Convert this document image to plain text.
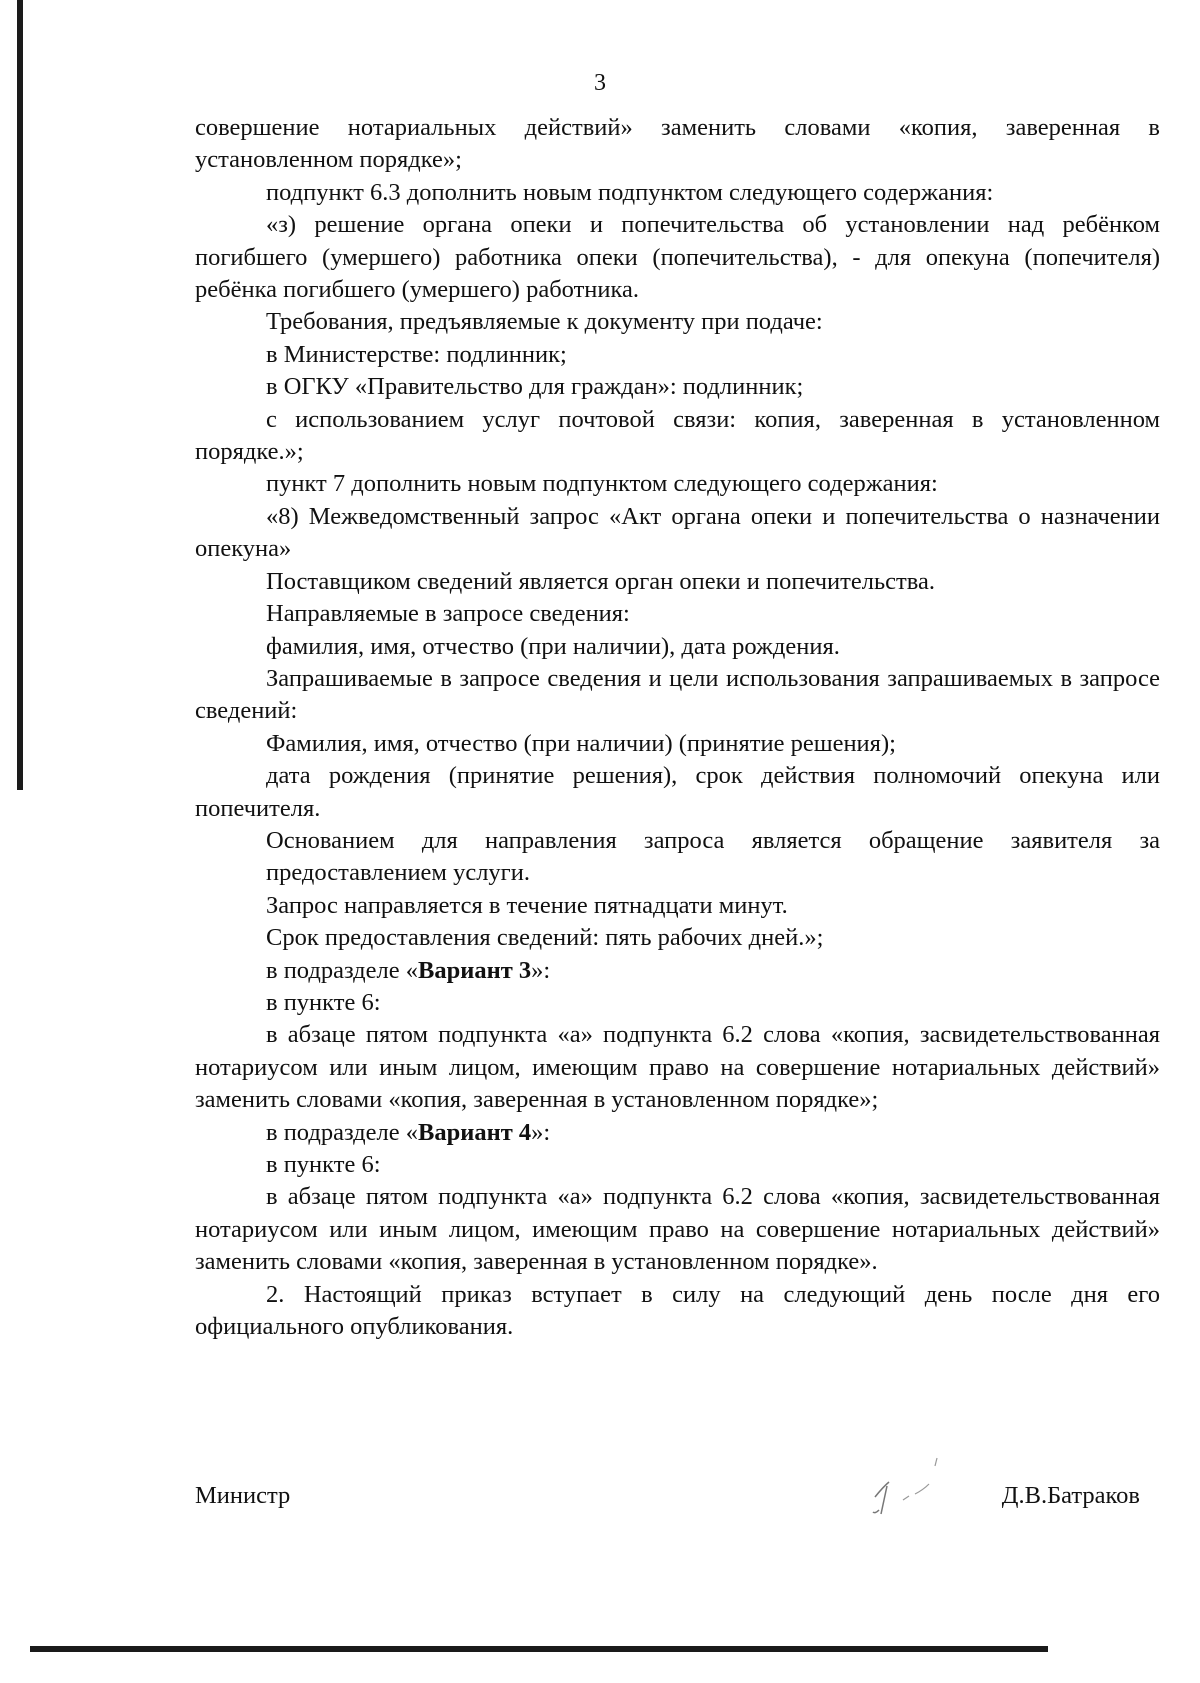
3

совершение нотариальных действий» заменить словами «копия, заверенная в установленном порядке»;

подпункт 6.3 дополнить новым подпунктом следующего содержания:

«з) решение органа опеки и попечительства об установлении над ребёнком погибшего (умершего) работника опеки (попечительства), - для опекуна (попечителя) ребёнка погибшего (умершего) работника.

Требования, предъявляемые к документу при подаче:

в Министерстве: подлинник;

в ОГКУ «Правительство для граждан»: подлинник;

с использованием услуг почтовой связи: копия, заверенная в установленном порядке.»;

пункт 7 дополнить новым подпунктом следующего содержания:

«8) Межведомственный запрос «Акт органа опеки и попечительства о назначении опекуна»

Поставщиком сведений является орган опеки и попечительства.

Направляемые в запросе сведения:

фамилия, имя, отчество (при наличии), дата рождения.

Запрашиваемые в запросе сведения и цели использования запрашиваемых в запросе сведений:

Фамилия, имя, отчество (при наличии) (принятие решения);

дата рождения (принятие решения), срок действия полномочий опекуна или попечителя.

Основанием для направления запроса является обращение заявителя за предоставлением услуги.

Запрос направляется в течение пятнадцати минут.

Срок предоставления сведений: пять рабочих дней.»;

в подразделе «Вариант 3»:

в пункте 6:

в абзаце пятом подпункта «а» подпункта 6.2 слова «копия, засвидетельствованная нотариусом или иным лицом, имеющим право на совершение нотариальных действий» заменить словами «копия, заверенная в установленном порядке»;

в подразделе «Вариант 4»:

в пункте 6:

в абзаце пятом подпункта «а» подпункта 6.2 слова «копия, засвидетельствованная нотариусом или иным лицом, имеющим право на совершение нотариальных действий» заменить словами «копия, заверенная в установленном порядке».

2. Настоящий приказ вступает в силу на следующий день после дня его официального опубликования.

Министр	Д.В.Батраков
